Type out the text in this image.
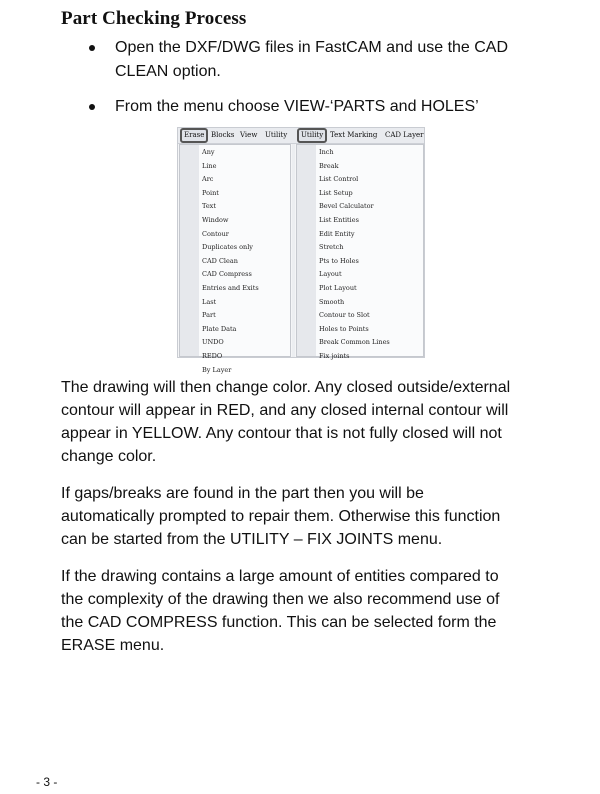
Part Checking Process
Open the DXF/DWG files in FastCAM and use the CAD
CLEAN option.
From the menu choose VIEW-‘PARTS and HOLES’
Erase Blocks View Utility	Utility Text Marking CAD Layer
Any
Line
Arc
Point
Text
Window
Contour
Duplicates only
CAD Clean
CAD Compress
Entries and Exits
Last
Part
Plate Data
UNDO
REDO
By Layer
Inch
Break
List Control
List Setup
Bevel Calculator
List Entities
Edit Entity
Stretch
Pts to Holes
Layout
Plot Layout
Smooth
Contour to Slot
Holes to Points
Break Common Lines
Fix joints

The drawing will then change color. Any closed outside/external
contour will appear in RED, and any closed internal contour will
appear in YELLOW. Any contour that is not fully closed will not
change color.

If gaps/breaks are found in the part then you will be
automatically prompted to repair them. Otherwise this function
can be started from the UTILITY – FIX JOINTS menu.

If the drawing contains a large amount of entities compared to
the complexity of the drawing then we also recommend use of
the CAD COMPRESS function. This can be selected form the
ERASE menu.

- 3 -
